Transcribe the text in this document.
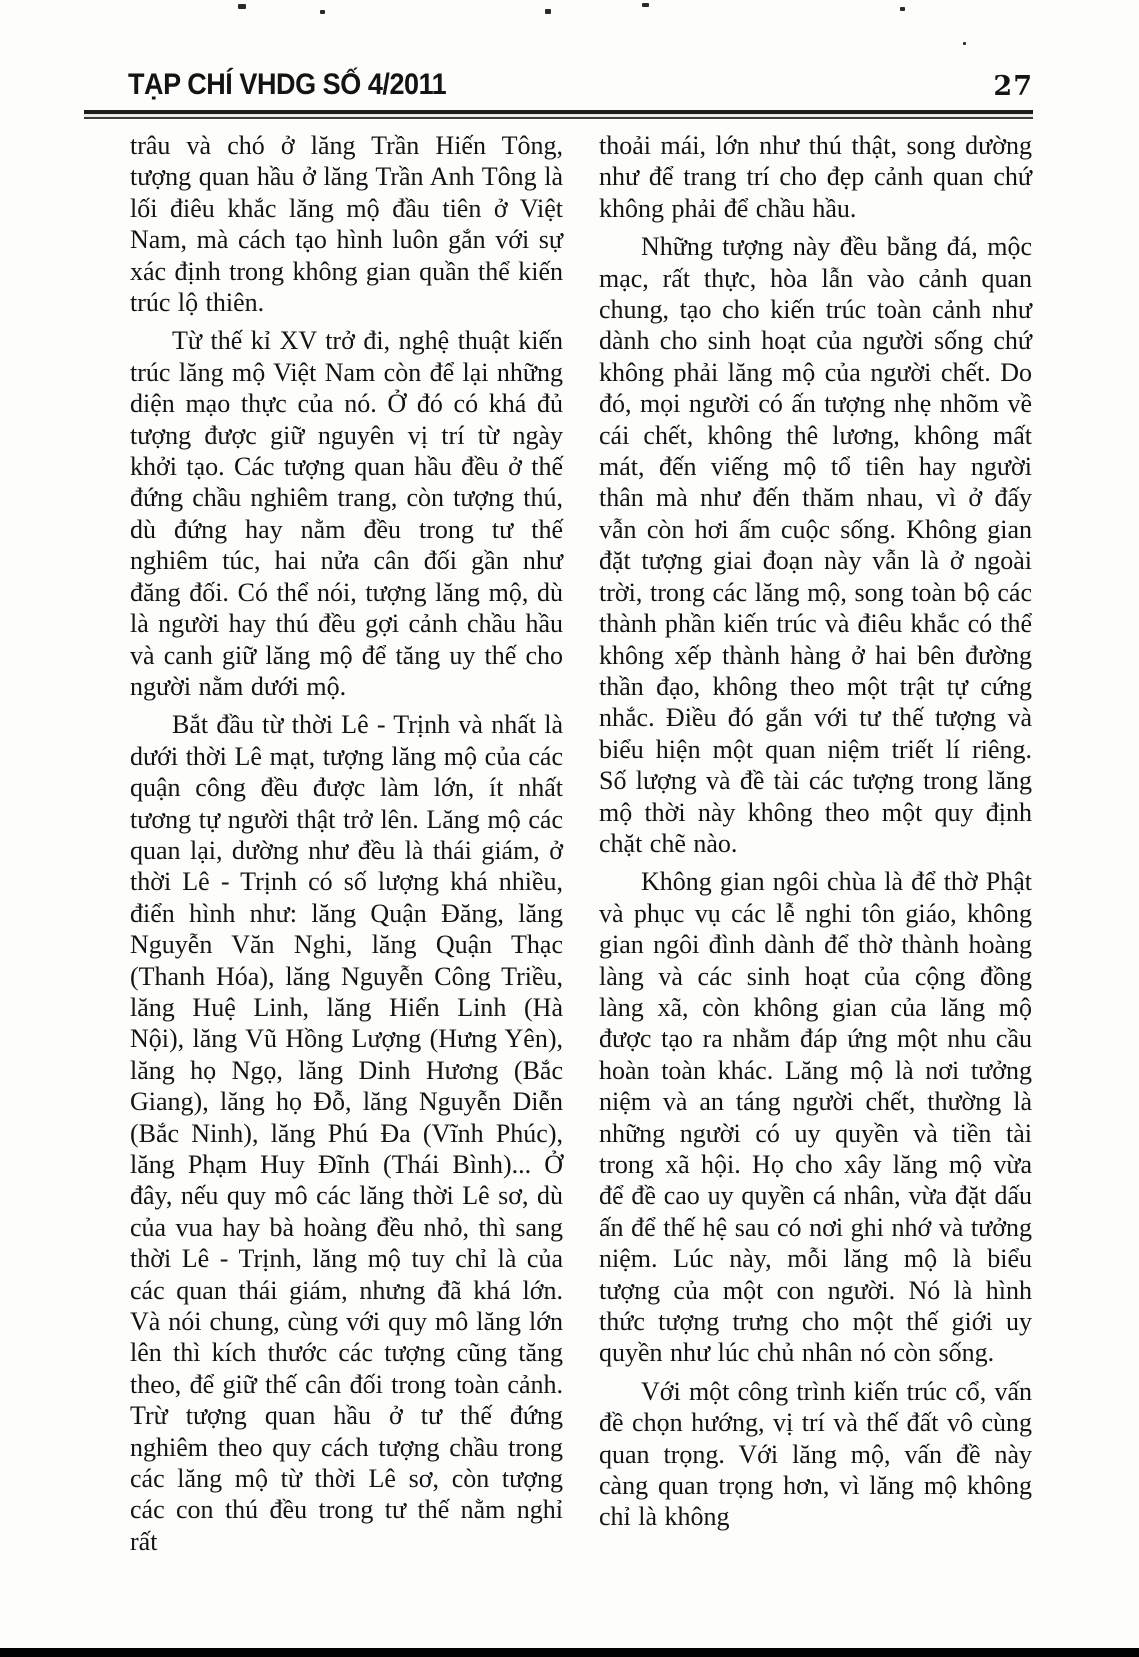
TẠP CHÍ VHDG SỐ 4/2011	27

trâu và chó ở lăng Trần Hiến Tông, tượng quan hầu ở lăng Trần Anh Tông là lối điêu khắc lăng mộ đầu tiên ở Việt Nam, mà cách tạo hình luôn gắn với sự xác định trong không gian quần thể kiến trúc lộ thiên.

Từ thế kỉ XV trở đi, nghệ thuật kiến trúc lăng mộ Việt Nam còn để lại những diện mạo thực của nó. Ở đó có khá đủ tượng được giữ nguyên vị trí từ ngày khởi tạo. Các tượng quan hầu đều ở thế đứng chầu nghiêm trang, còn tượng thú, dù đứng hay nằm đều trong tư thế nghiêm túc, hai nửa cân đối gần như đăng đối. Có thể nói, tượng lăng mộ, dù là người hay thú đều gợi cảnh chầu hầu và canh giữ lăng mộ để tăng uy thế cho người nằm dưới mộ.

Bắt đầu từ thời Lê - Trịnh và nhất là dưới thời Lê mạt, tượng lăng mộ của các quận công đều được làm lớn, ít nhất tương tự người thật trở lên. Lăng mộ các quan lại, dường như đều là thái giám, ở thời Lê - Trịnh có số lượng khá nhiều, điển hình như: lăng Quận Đăng, lăng Nguyễn Văn Nghi, lăng Quận Thạc (Thanh Hóa), lăng Nguyễn Công Triều, lăng Huệ Linh, lăng Hiển Linh (Hà Nội), lăng Vũ Hồng Lượng (Hưng Yên), lăng họ Ngọ, lăng Dinh Hương (Bắc Giang), lăng họ Đỗ, lăng Nguyễn Diễn (Bắc Ninh), lăng Phú Đa (Vĩnh Phúc), lăng Phạm Huy Đĩnh (Thái Bình)... Ở đây, nếu quy mô các lăng thời Lê sơ, dù của vua hay bà hoàng đều nhỏ, thì sang thời Lê - Trịnh, lăng mộ tuy chỉ là của các quan thái giám, nhưng đã khá lớn. Và nói chung, cùng với quy mô lăng lớn lên thì kích thước các tượng cũng tăng theo, để giữ thế cân đối trong toàn cảnh. Trừ tượng quan hầu ở tư thế đứng nghiêm theo quy cách tượng chầu trong các lăng mộ từ thời Lê sơ, còn tượng các con thú đều trong tư thế nằm nghỉ rất

thoải mái, lớn như thú thật, song dường như để trang trí cho đẹp cảnh quan chứ không phải để chầu hầu.

Những tượng này đều bằng đá, mộc mạc, rất thực, hòa lẫn vào cảnh quan chung, tạo cho kiến trúc toàn cảnh như dành cho sinh hoạt của người sống chứ không phải lăng mộ của người chết. Do đó, mọi người có ấn tượng nhẹ nhõm về cái chết, không thê lương, không mất mát, đến viếng mộ tổ tiên hay người thân mà như đến thăm nhau, vì ở đấy vẫn còn hơi ấm cuộc sống. Không gian đặt tượng giai đoạn này vẫn là ở ngoài trời, trong các lăng mộ, song toàn bộ các thành phần kiến trúc và điêu khắc có thể không xếp thành hàng ở hai bên đường thần đạo, không theo một trật tự cứng nhắc. Điều đó gắn với tư thế tượng và biểu hiện một quan niệm triết lí riêng. Số lượng và đề tài các tượng trong lăng mộ thời này không theo một quy định chặt chẽ nào.

Không gian ngôi chùa là để thờ Phật và phục vụ các lễ nghi tôn giáo, không gian ngôi đình dành để thờ thành hoàng làng và các sinh hoạt của cộng đồng làng xã, còn không gian của lăng mộ được tạo ra nhằm đáp ứng một nhu cầu hoàn toàn khác. Lăng mộ là nơi tưởng niệm và an táng người chết, thường là những người có uy quyền và tiền tài trong xã hội. Họ cho xây lăng mộ vừa để đề cao uy quyền cá nhân, vừa đặt dấu ấn để thế hệ sau có nơi ghi nhớ và tưởng niệm. Lúc này, mỗi lăng mộ là biểu tượng của một con người. Nó là hình thức tượng trưng cho một thế giới uy quyền như lúc chủ nhân nó còn sống.

Với một công trình kiến trúc cổ, vấn đề chọn hướng, vị trí và thế đất vô cùng quan trọng. Với lăng mộ, vấn đề này càng quan trọng hơn, vì lăng mộ không chỉ là không
